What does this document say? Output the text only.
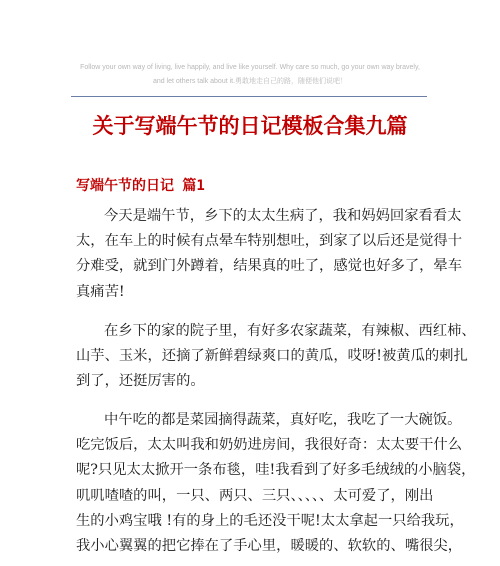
Follow your own way of living, live happily, and live like yourself. Why care so much, go your own way bravely,
and let others talk about it.勇敢地走自己的路，随便他们说吧！
关于写端午节的日记模板合集九篇
写端午节的日记 篇1
今天是端午节，乡下的太太生病了，我和妈妈回家看看太
太，在车上的时候有点晕车特别想吐，到家了以后还是觉得十
分难受，就到门外蹲着，结果真的吐了，感觉也好多了，晕车
真痛苦!
在乡下的家的院子里，有好多农家蔬菜，有辣椒、西红柿、
山芋、玉米，还摘了新鲜碧绿爽口的黄瓜，哎呀!被黄瓜的刺扎
到了，还挺厉害的。
中午吃的都是菜园摘得蔬菜，真好吃，我吃了一大碗饭。
吃完饭后，太太叫我和奶奶进房间，我很好奇：太太要干什么
呢?只见太太掀开一条布毯，哇!我看到了好多毛绒绒的小脑袋，
叽叽喳喳的叫，一只、两只、三只、、、、、太可爱了，刚出
生的小鸡宝哦 !有的身上的毛还没干呢!太太拿起一只给我玩，
我小心翼翼的把它捧在了手心里，暖暖的、软软的、嘴很尖，
